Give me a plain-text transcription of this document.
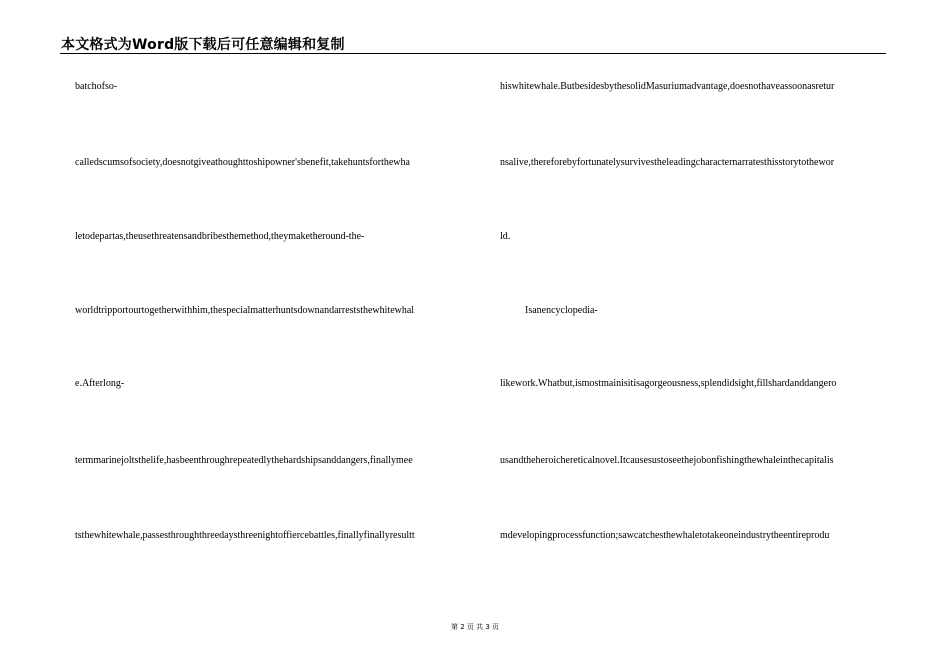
本文格式为Word版下载后可任意编辑和复制
batchofso-
calledscumsofsociety,doesnotgiveathoughttoshipowner'sbenefit,takehuntsforthewha
letodepartas,theusethreatensandbribesthemethod,theymaketheround-the-
worldtripportourtogetherwithhim,thespecialmatterhuntsdownandarreststhewhitewhal
e.Afterlong-
termmarinejoltsthelife,hasbeenthroughrepeatedlythehardshipsanddangers,finallymee
tsthewhitewhale,passesthroughthreedaysthreenightoffiercebattles,finallyfinallyresultt
hiswhitewhale.ButbesidesbythesolidMasuriumadvantage,doesnothaveassoonasretur
nsalive,thereforebyfortunatelysurvivestheleadingcharacternarratesthisstorytothewor
ld.
Isanencyclopedia-
likework.Whatbut,ismostmainisitisagorgeousness,splendidsight,fillshardanddangero
usandtheheroichereticalnovel.Itcausesustoseethejobonfishingthewhaleinthecapitalis
mdevelopingprocessfunction;sawcatchesthewhaletotakeoneindustrytheentireprodu
第 2 页 共 3 页
